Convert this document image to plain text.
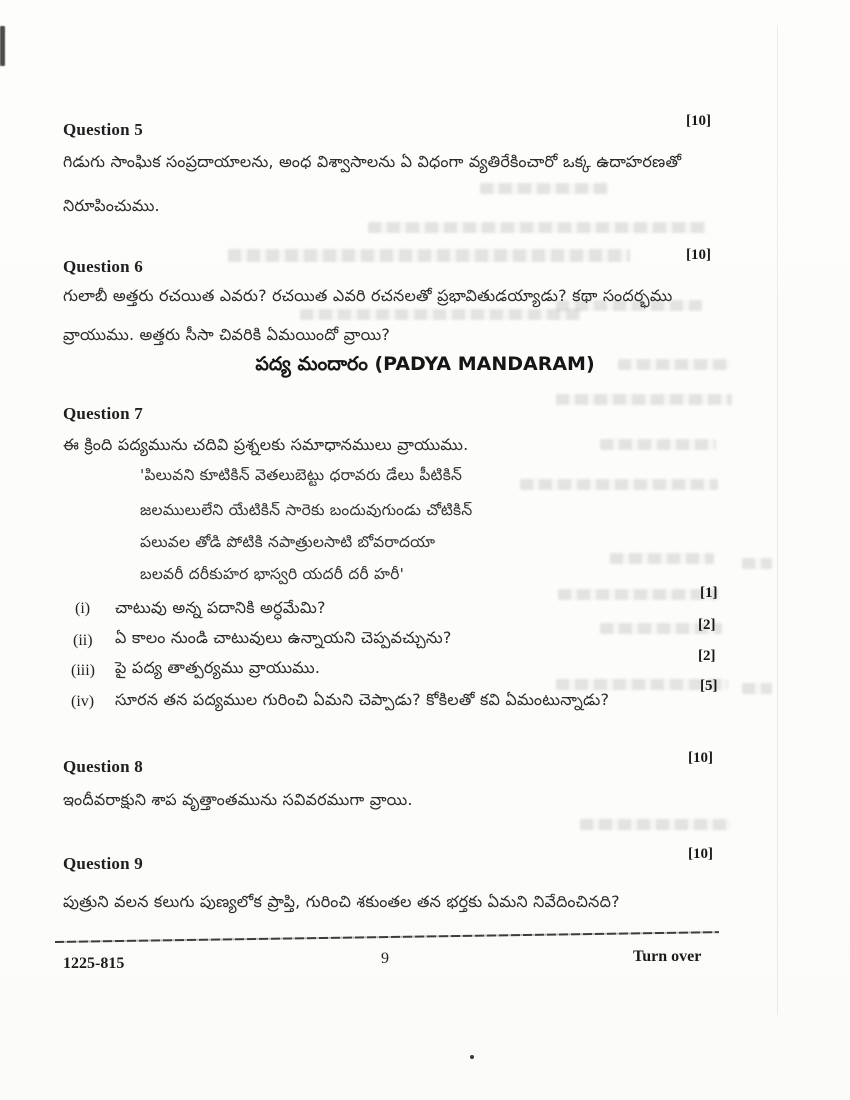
Question 5	[10]
గిడుగు సాంఘిక సంప్రదాయాలను, అంధ విశ్వాసాలను ఏ విధంగా వ్యతిరేకించారో ఒక్క ఉదాహరణతో
నిరూపించుము.
Question 6
[10]
గులాబీ అత్తరు రచయిత ఎవరు? రచయిత ఎవరి రచనలతో ప్రభావితుడయ్యాడు? కథా సందర్భము
వ్రాయుము. అత్తరు సీసా చివరికి ఏమయిందో వ్రాయి?
పద్య మందారం (PADYA MANDARAM)
Question 7
ఈ క్రింది పద్యమును చదివి ప్రశ్నలకు సమాధానములు వ్రాయుము.
'పిలువని కూటికిన్ వెతలుబెట్టు ధరావరు డేలు పీటికిన్
జలములులేని యేటికిన్ సారెకు బందువుగుండు చోటికిన్
పలువల తోడి పోటికి నపాత్రులసాటి బోవరాదయా
బలవరీ దరీకుహర భాస్వరి యదరీ దరీ హరీ'
(i) చాటువు అన్న పదానికి అర్ధమేమి?
[1]
(ii) ఏ కాలం నుండి చాటువులు ఉన్నాయని చెప్పవచ్చును?
[2]
(iii) పై పద్య తాత్పర్యము వ్రాయుము.
[2]
(iv) సూరన తన పద్యముల గురించి ఏమని చెప్పాడు? కోకిలతో కవి ఏమంటున్నాడు?
[5]
Question 8	[10]
ఇందీవరాక్షుని శాప వృత్తాంతమును సవివరముగా వ్రాయి.
Question 9	[10]
పుత్రుని వలన కలుగు పుణ్యలోక ప్రాప్తి, గురించి శకుంతల తన భర్తకు ఏమని నివేదించినది?
1225-815	9	Turn over
